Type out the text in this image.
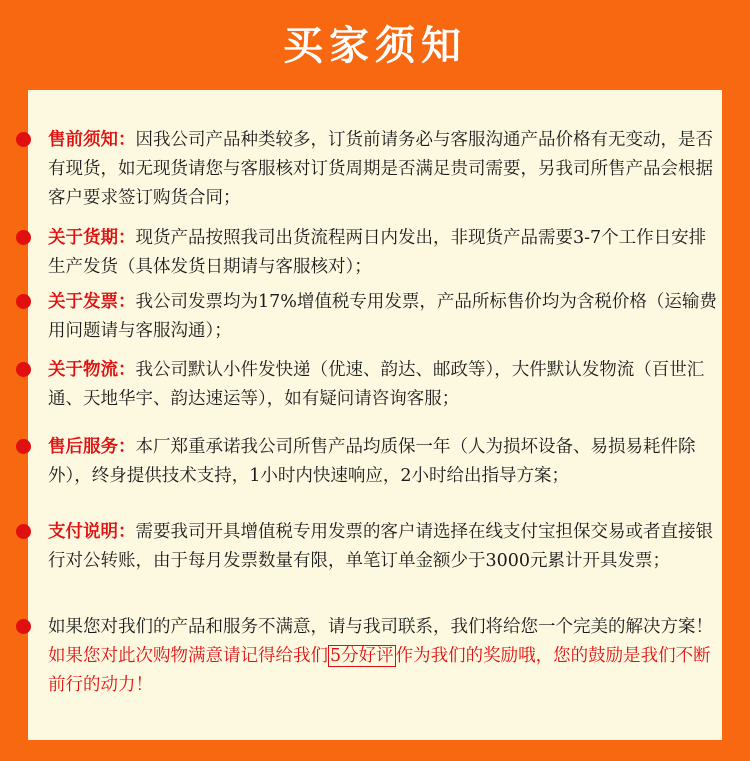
买家须知
售前须知：因我公司产品种类较多，订货前请务必与客服沟通产品价格有无变动，是否有现货，如无现货请您与客服核对订货周期是否满足贵司需要，另我司所售产品会根据客户要求签订购货合同；
关于货期：现货产品按照我司出货流程两日内发出，非现货产品需要3-7个工作日安排生产发货（具体发货日期请与客服核对）；
关于发票：我公司发票均为17%增值税专用发票，产品所标售价均为含税价格（运输费用问题请与客服沟通）；
关于物流：我公司默认小件发快递（优速、韵达、邮政等），大件默认发物流（百世汇通、天地华宇、韵达速运等），如有疑问请咨询客服；
售后服务：本厂郑重承诺我公司所售产品均质保一年（人为损坏设备、易损易耗件除外），终身提供技术支持，1小时内快速响应，2小时给出指导方案；
支付说明：需要我司开具增值税专用发票的客户请选择在线支付宝担保交易或者直接银行对公转账，由于每月发票数量有限，单笔订单金额少于3000元累计开具发票；
如果您对我们的产品和服务不满意，请与我司联系，我们将给您一个完美的解决方案！
如果您对此次购物满意请记得给我们 5分好评 作为我们的奖励哦，您的鼓励是我们不断前行的动力！
